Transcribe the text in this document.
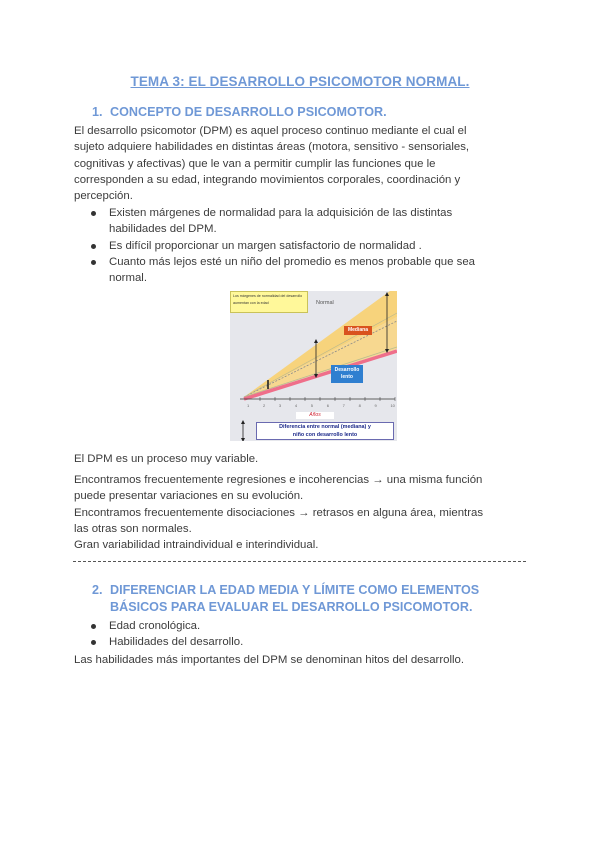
TEMA 3: EL DESARROLLO PSICOMOTOR NORMAL.
1. CONCEPTO DE DESARROLLO PSICOMOTOR.
El desarrollo psicomotor (DPM) es aquel proceso continuo mediante el cual el
sujeto adquiere habilidades en distintas áreas (motora, sensitivo - sensoriales,
cognitivas y afectivas) que le van a permitir cumplir las funciones que le
corresponden a su edad, integrando movimientos corporales, coordinación y
percepción.
Existen márgenes de normalidad para la adquisición de las distintas
habilidades del DPM.
Es difícil proporcionar un margen satisfactorio de normalidad .
Cuanto más lejos esté un niño del promedio es menos probable que sea
normal.
Los márgenes de normalidad del desarrollo aumentan con la edad	Normal
Mediana
Desarrollo
lento
1	2	3	4	5	6	7	8	9	10
Años
Diferencia entre normal (mediana) y
niño con desarrollo lento
El DPM es un proceso muy variable.
Encontramos frecuentemente regresiones e incoherencias → una misma función
puede presentar variaciones en su evolución.
Encontramos frecuentemente disociaciones → retrasos en alguna área, mientras
las otras son normales.
Gran variabilidad intraindividual e interindividual.
2. DIFERENCIAR LA EDAD MEDIA Y LÍMITE COMO ELEMENTOS
BÁSICOS PARA EVALUAR EL DESARROLLO PSICOMOTOR.
Edad cronológica.
Habilidades del desarrollo.
Las habilidades más importantes del DPM se denominan hitos del desarrollo.
